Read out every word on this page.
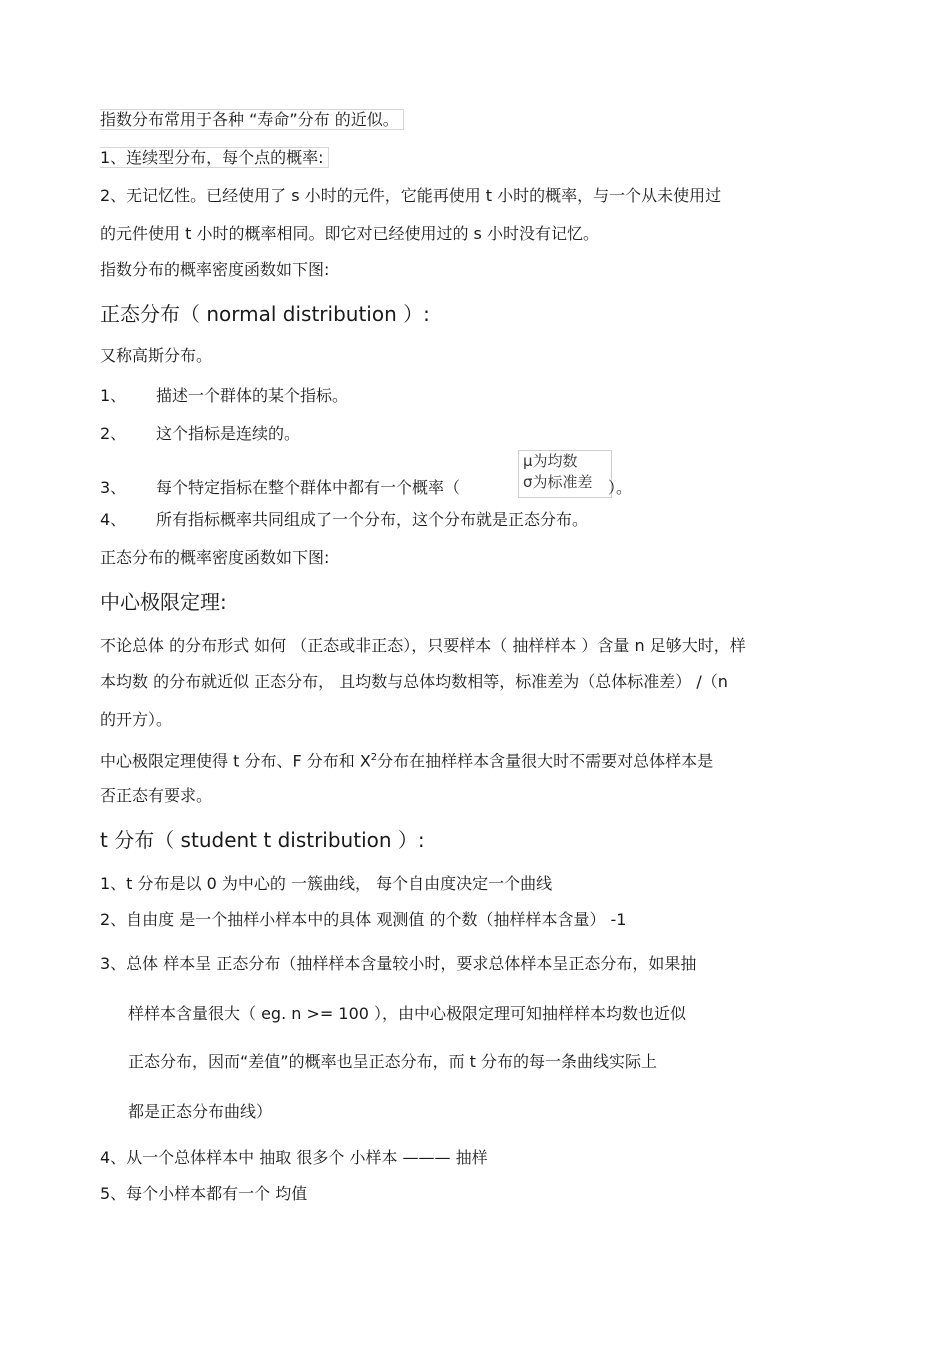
指数分布常用于各种 “寿命”分布 的近似。
1、连续型分布，每个点的概率:
2、无记忆性。已经使用了 s 小时的元件，它能再使用 t 小时的概率，与一个从未使用过
的元件使用 t 小时的概率相同。即它对已经使用过的 s 小时没有记忆。
指数分布的概率密度函数如下图:
正态分布（ normal distribution ）:
又称高斯分布。
1、 描述一个群体的某个指标。
2、 这个指标是连续的。
3、 每个特定指标在整个群体中都有一个概率（
μ为均数
σ为标准差 ）。
4、 所有指标概率共同组成了一个分布，这个分布就是正态分布。
正态分布的概率密度函数如下图:
中心极限定理:
不论总体 的分布形式 如何 （正态或非正态），只要样本（ 抽样样本 ）含量 n 足够大时，样
本均数 的分布就近似 正态分布， 且均数与总体均数相等，标准差为（总体标准差） /（n
的开方）。
中心极限定理使得 t 分布、F 分布和 $X^2$分布在抽样样本含量很大时不需要对总体样本是
否正态有要求。
t 分布（ student t distribution ）:
1、t 分布是以 0 为中心的 一簇曲线， 每个自由度决定一个曲线
2、自由度 是一个抽样小样本中的具体 观测值 的个数（抽样样本含量） -1
3、总体 样本呈 正态分布（抽样样本含量较小时，要求总体样本呈正态分布，如果抽
样样本含量很大（ eg. n >= 100 ），由中心极限定理可知抽样样本均数也近似
正态分布，因而“差值”的概率也呈正态分布，而 t 分布的每一条曲线实际上
都是正态分布曲线）
4、从一个总体样本中 抽取 很多个 小样本 ——— 抽样
5、每个小样本都有一个 均值
